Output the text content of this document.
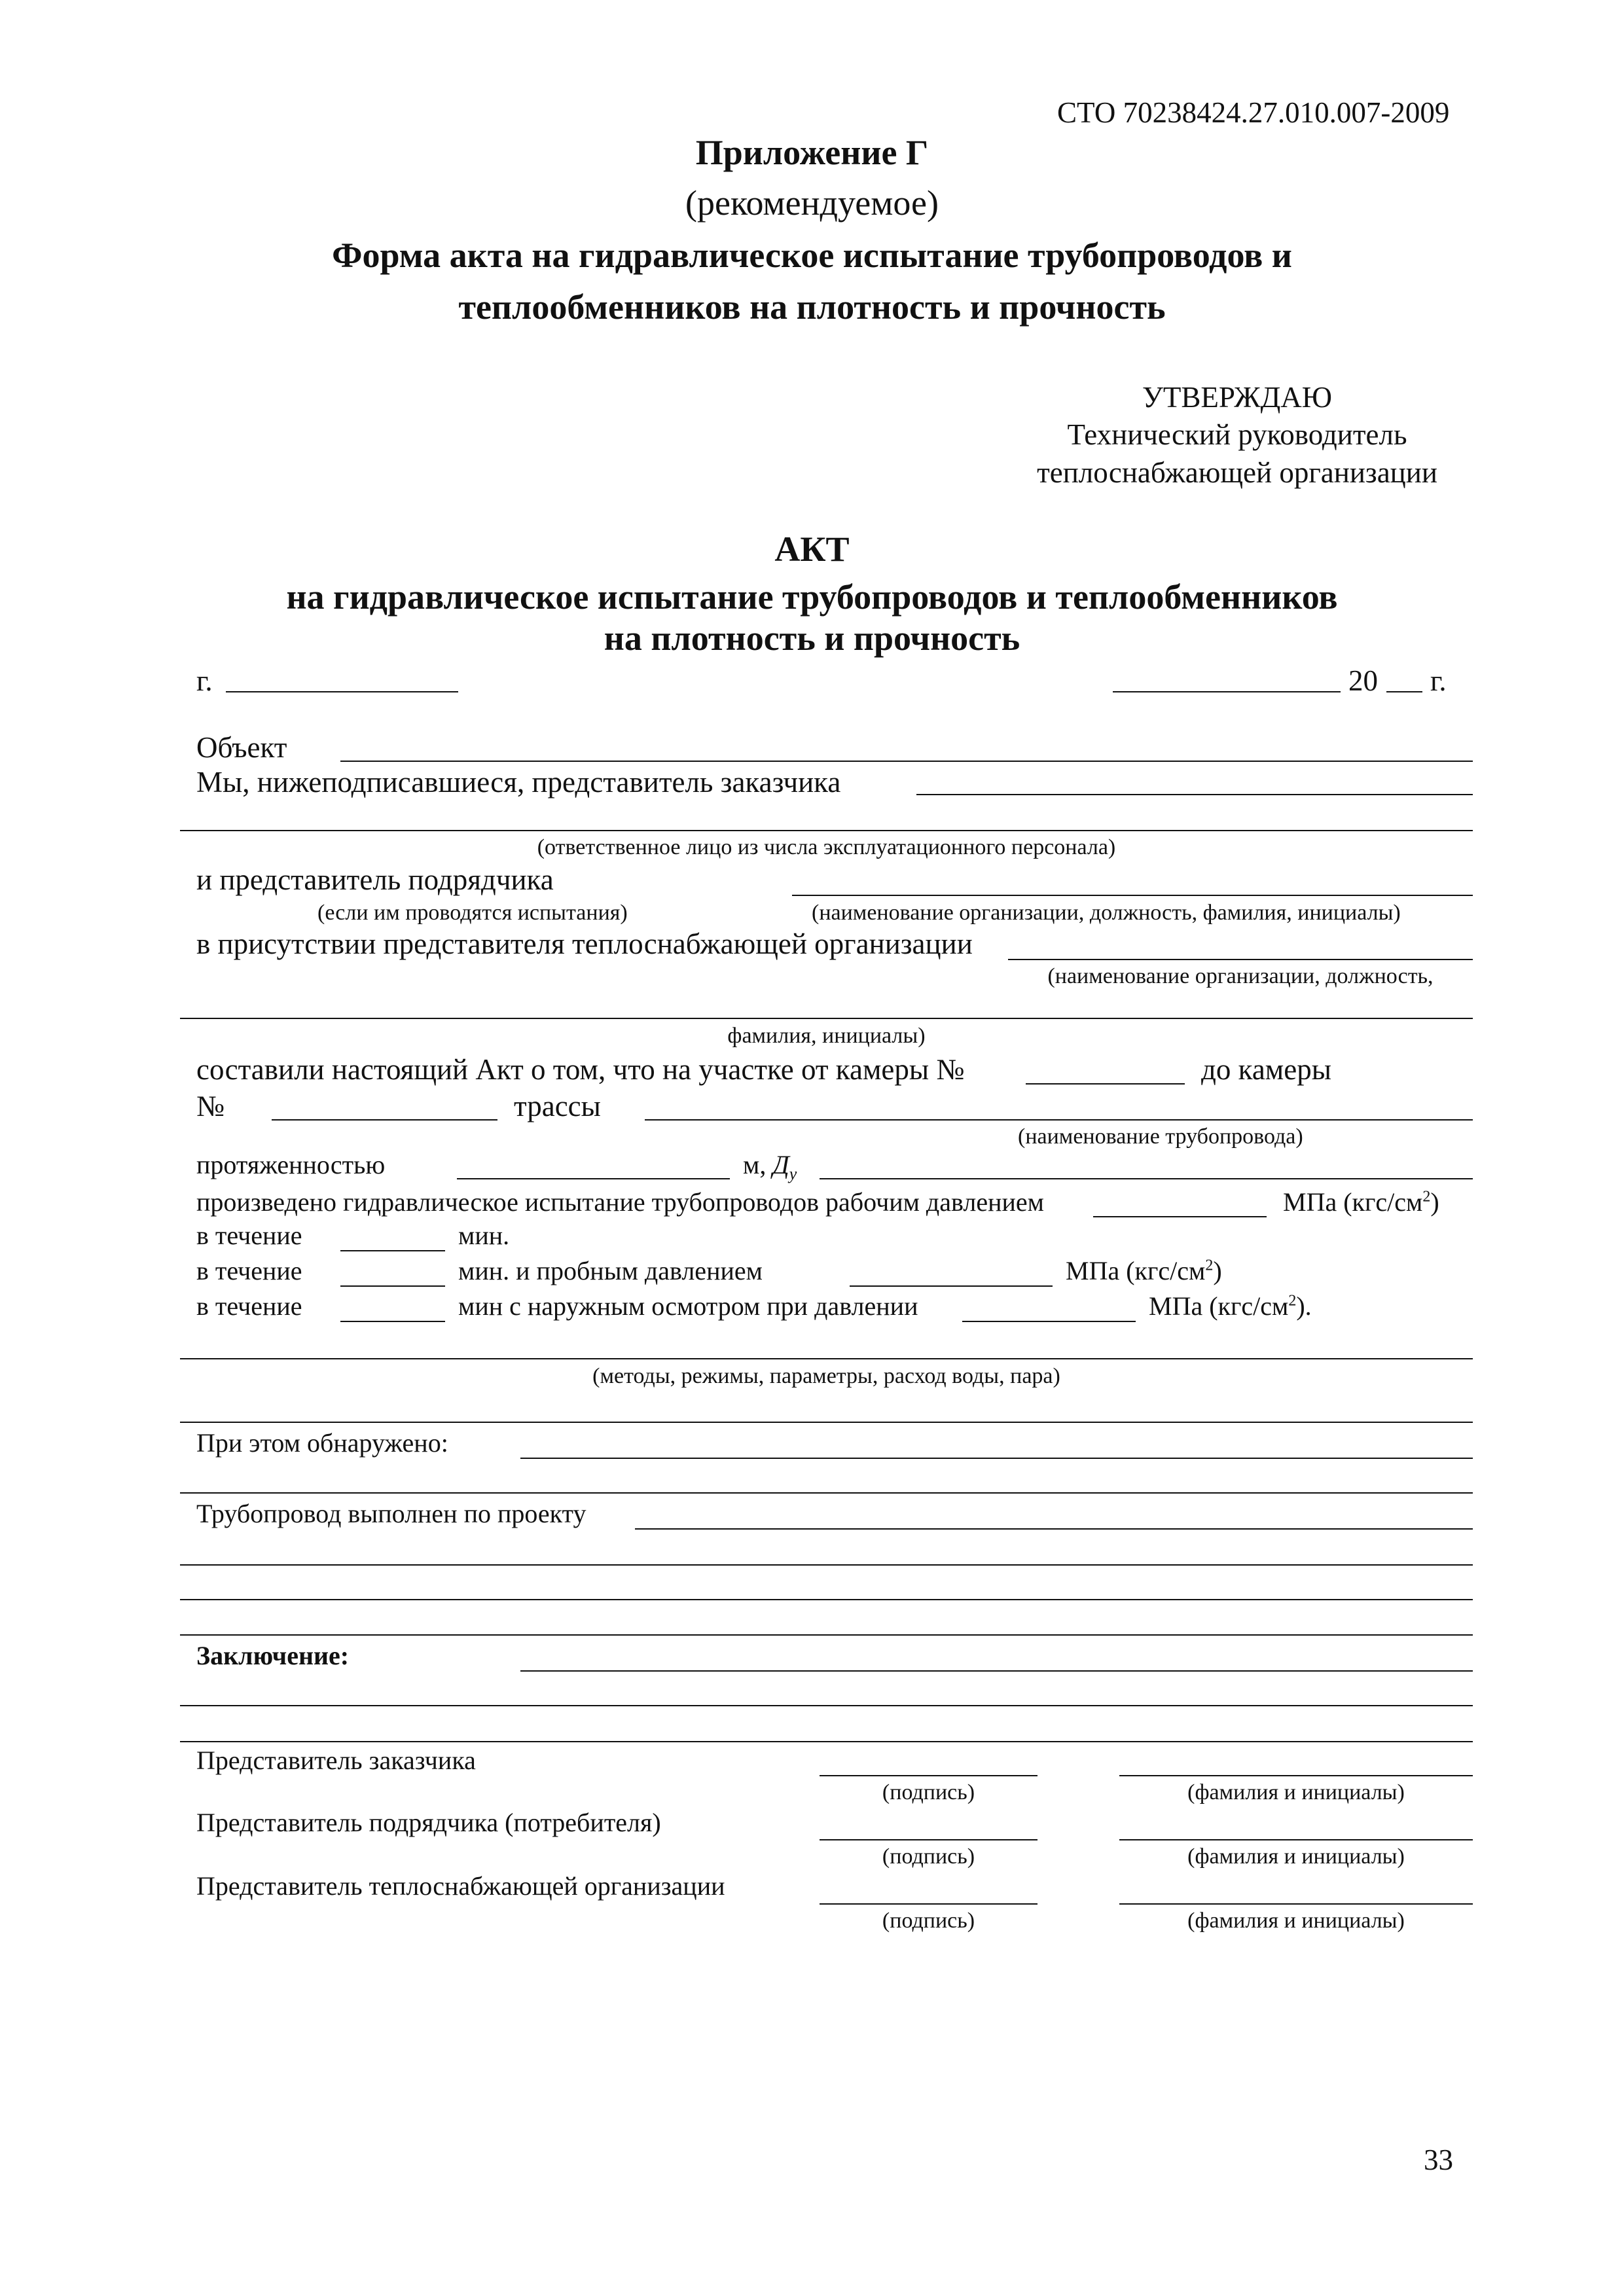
СТО 70238424.27.010.007-2009
Приложение Г
(рекомендуемое)
Форма акта на гидравлическое испытание трубопроводов и
теплообменников на плотность и прочность
УТВЕРЖДАЮ
Технический руководитель
теплоснабжающей организации
АКТ
на гидравлическое испытание трубопроводов и теплообменников
на плотность и прочность
г.	20 г.
Объект
Мы, нижеподписавшиеся, представитель заказчика
(ответственное лицо из числа эксплуатационного персонала)
и представитель подрядчика
(если им проводятся испытания)	(наименование организации, должность, фамилия, инициалы)
в присутствии представителя теплоснабжающей организации
(наименование организации, должность,
фамилия, инициалы)
составили настоящий Акт о том, что на участке от камеры №	до камеры
№	трассы
(наименование трубопровода)
протяженностью	м, $Д_у$
произведено гидравлическое испытание трубопроводов рабочим давлением	МПа $(кгс/см^2)$
в течение	мин.
в течение	мин. и пробным давлением	МПа $(кгс/см^2)$
в течение	мин с наружным осмотром при давлении	МПа $(кгс/см^2)$.
(методы, режимы, параметры, расход воды, пара)
При этом обнаружено:
Трубопровод выполнен по проекту
Заключение:
Представитель заказчика
(подпись)	(фамилия и инициалы)
Представитель подрядчика (потребителя)
(подпись)	(фамилия и инициалы)
Представитель теплоснабжающей организации
(подпись)	(фамилия и инициалы)
33
